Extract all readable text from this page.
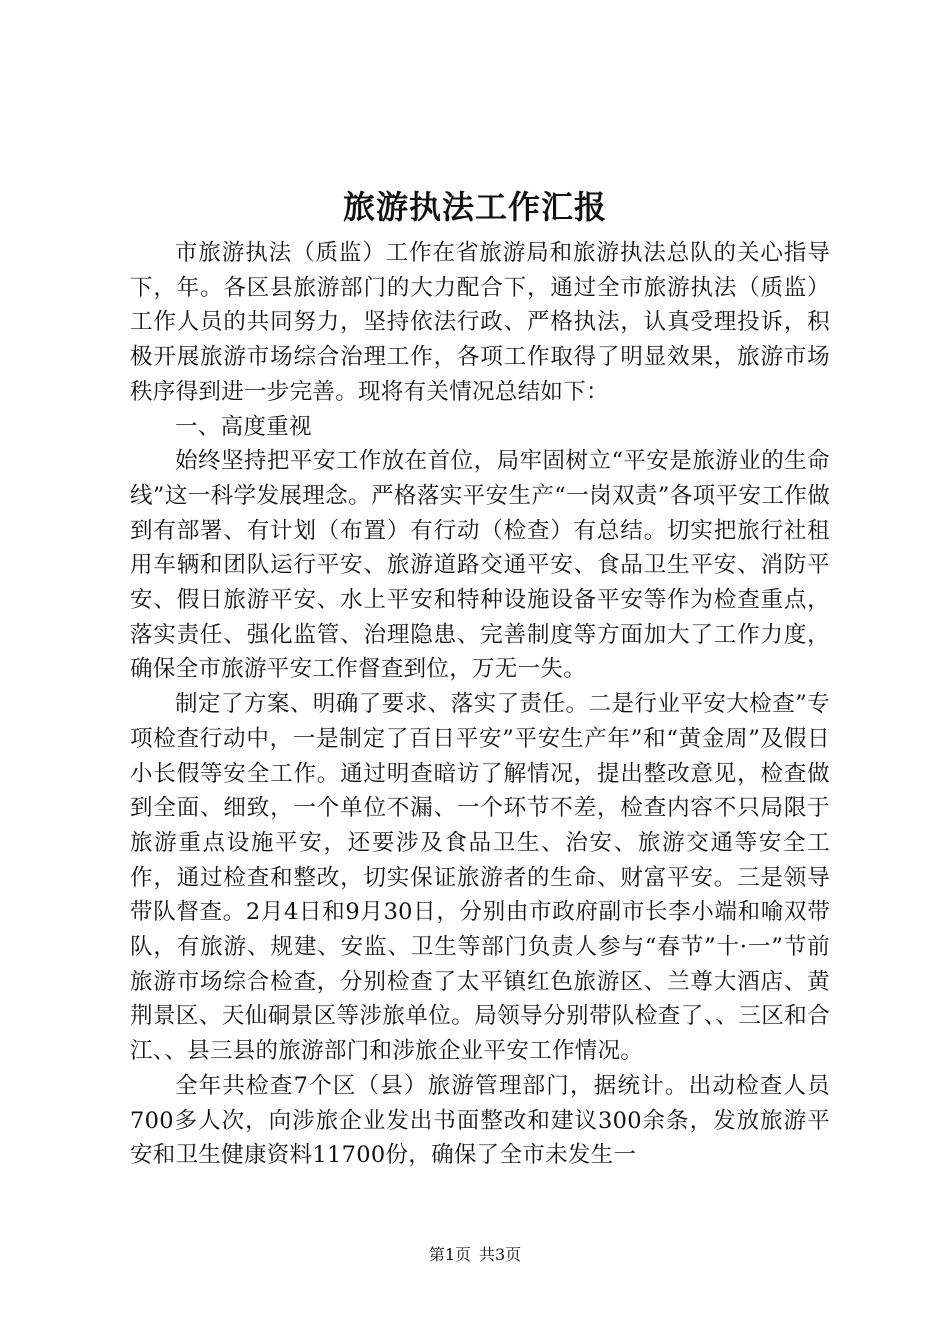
旅游执法工作汇报

市旅游执法（质监）工作在省旅游局和旅游执法总队的关心指导下，年。各区县旅游部门的大力配合下，通过全市旅游执法（质监）工作人员的共同努力，坚持依法行政、严格执法，认真受理投诉，积极开展旅游市场综合治理工作，各项工作取得了明显效果，旅游市场秩序得到进一步完善。现将有关情况总结如下：

一、高度重视

始终坚持把平安工作放在首位，局牢固树立“平安是旅游业的生命线”这一科学发展理念。严格落实平安生产“一岗双责”各项平安工作做到有部署、有计划（布置）有行动（检查）有总结。切实把旅行社租用车辆和团队运行平安、旅游道路交通平安、食品卫生平安、消防平安、假日旅游平安、水上平安和特种设施设备平安等作为检查重点，落实责任、强化监管、治理隐患、完善制度等方面加大了工作力度，确保全市旅游平安工作督查到位，万无一失。

制定了方案、明确了要求、落实了责任。二是行业平安大检查”专项检查行动中，一是制定了百日平安”平安生产年”和“黄金周”及假日小长假等安全工作。通过明查暗访了解情况，提出整改意见，检查做到全面、细致，一个单位不漏、一个环节不差，检查内容不只局限于旅游重点设施平安，还要涉及食品卫生、治安、旅游交通等安全工作，通过检查和整改，切实保证旅游者的生命、财富平安。三是领导带队督查。2月4日和9月30日，分别由市政府副市长李小端和喻双带队，有旅游、规建、安监、卫生等部门负责人参与“春节”十·一”节前旅游市场综合检查，分别检查了太平镇红色旅游区、兰尊大酒店、黄荆景区、天仙硐景区等涉旅单位。局领导分别带队检查了、、三区和合江、、县三县的旅游部门和涉旅企业平安工作情况。

全年共检查7个区（县）旅游管理部门，据统计。出动检查人员700多人次，向涉旅企业发出书面整改和建议300余条，发放旅游平安和卫生健康资料11700份，确保了全市未发生一

第1页 共3页
